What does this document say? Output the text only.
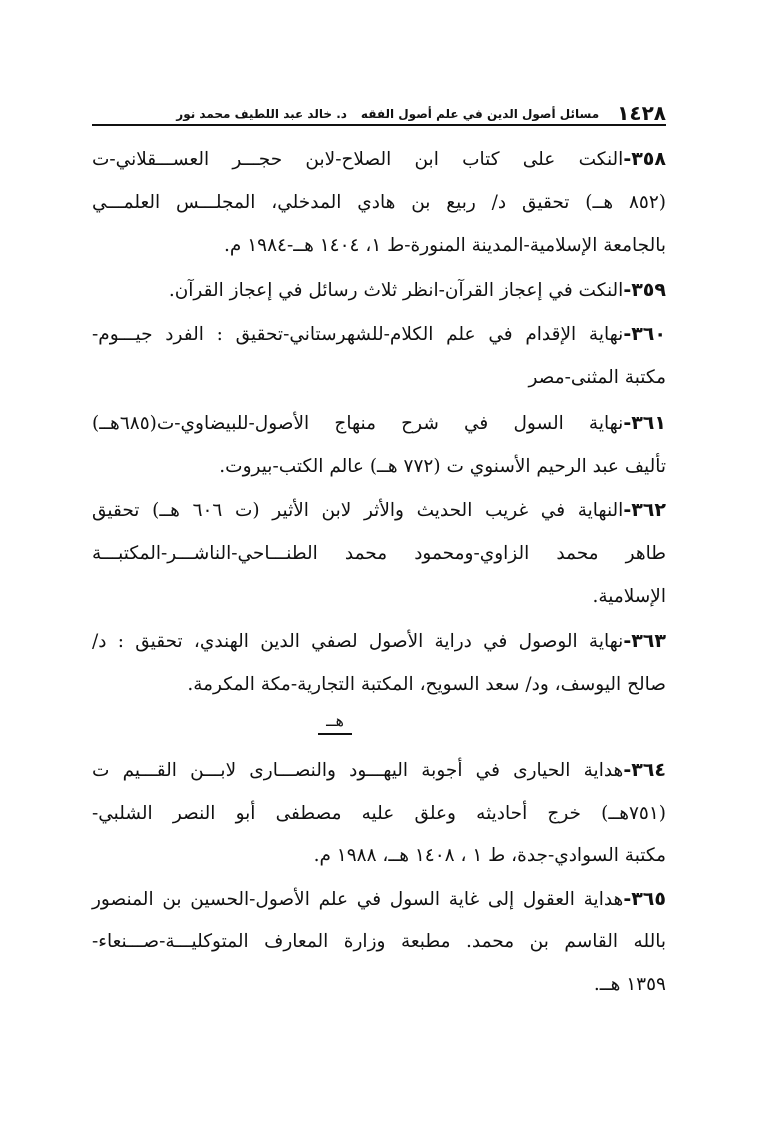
١٤٢٨
مسائل أصول الدين في علم أصول الفقهد. خالد عبد اللطيف محمد نور
٣٥٨-النكت على كتاب ابن الصلاح-لابن حجـــر العســـقلاني-ت
(٨٥٢ هــ) تحقيق د/ ربيع بن هادي المدخلي، المجلـــس العلمـــي
بالجامعة الإسلامية-المدينة المنورة-ط ١، ١٤٠٤ هــ-١٩٨٤ م.
٣٥٩-النكت في إعجاز القرآن-انظر ثلاث رسائل في إعجاز القرآن.
٣٦٠-نهاية الإقدام في علم الكلام-للشهرستاني-تحقيق : الفرد جيـــوم-
مكتبة المثنى-مصر
٣٦١-نهاية السول في شرح منهاج الأصول-للبيضاوي-ت(٦٨٥هــ)
تأليف عبد الرحيم الأسنوي ت (٧٧٢ هــ) عالم الكتب-بيروت.
٣٦٢-النهاية في غريب الحديث والأثر لابن الأثير (ت ٦٠٦ هــ) تحقيق
طاهر محمد الزاوي-ومحمود محمد الطنـــاحي-الناشـــر-المكتبـــة
الإسلامية.
٣٦٣-نهاية الوصول في دراية الأصول لصفي الدين الهندي، تحقيق : د/
صالح اليوسف، ود/ سعد السويح، المكتبة التجارية-مكة المكرمة.
هــ
٣٦٤-هداية الحيارى في أجوبة اليهـــود والنصـــارى لابـــن القـــيم ت
(٧٥١هــ) خرج أحاديثه وعلق عليه مصطفى أبو النصر الشلبي-
مكتبة السوادي-جدة، ط ١ ، ١٤٠٨ هــ، ١٩٨٨ م.
٣٦٥-هداية العقول إلى غاية السول في علم الأصول-الحسين بن المنصور
بالله القاسم بن محمد. مطبعة وزارة المعارف المتوكليـــة-صـــنعاء-
١٣٥٩ هــ.
